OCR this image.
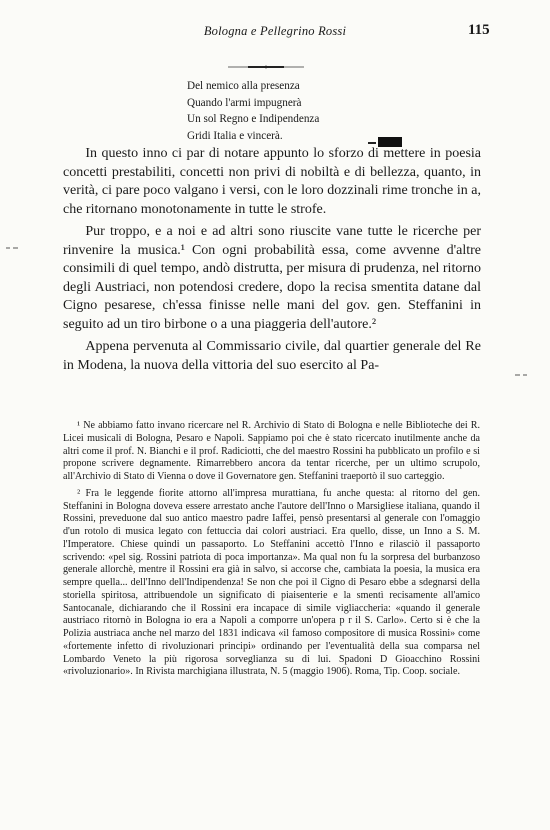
Bologna e Pellegrino Rossi	115
Del nemico alla presenza
Quando l'armi impugnerà
Un sol Regno e Indipendenza
Gridi Italia e vincerà.

In questo inno ci par di notare appunto lo sforzo di mettere in poesia concetti prestabiliti, concetti non privi di nobiltà e di bellezza, quanto, in verità, ci pare poco valgano i versi, con le loro dozzinali rime tronche in a, che ritornano monotonamente in tutte le strofe.

Pur troppo, e a noi e ad altri sono riuscite vane tutte le ricerche per rinvenire la musica.¹ Con ogni probabilità essa, come avvenne d'altre consimili di quel tempo, andò distrutta, per misura di prudenza, nel ritorno degli Austriaci, non potendosi credere, dopo la recisa smentita datane dal Cigno pesarese, ch'essa finisse nelle mani del gov. gen. Steffanini in seguito ad un tiro birbone o a una piaggeria dell'autore.²

Appena pervenuta al Commissario civile, dal quartier generale del Re in Modena, la nuova della vittoria del suo esercito al Pa-

¹ Ne abbiamo fatto invano ricercare nel R. Archivio di Stato di Bologna e nelle Biblioteche dei R. Licei musicali di Bologna, Pesaro e Napoli. Sappiamo poi che è stato ricercato inutilmente anche da altri come il prof. N. Bianchi e il prof. Radiciotti, che del maestro Rossini ha pubblicato un profilo e si propone scrivere degnamente. Rimarrebbero ancora da tentar ricerche, per un ultimo scrupolo, all'Archivio di Stato di Vienna o dove il Governatore gen. Steffanini traeportò il suo carteggio.

² Fra le leggende fiorite attorno all'impresa murattiana, fu anche questa: al ritorno del gen. Steffanini in Bologna doveva essere arrestato anche l'autore dell'Inno o Marsigliese italiana, quando il Rossini, preveduone dal suo antico maestro padre Iaffei, pensò presentarsi al generale con l'omaggio d'un rotolo di musica legato con fettuccia dai colori austriaci. Era quello, disse, un Inno a S. M. l'Imperatore. Chiese quindi un passaporto. Lo Steffanini accettò l'Inno e rilasciò il passaporto scrivendo: «pel sig. Rossini patriota di poca importanza». Ma qual non fu la sorpresa del burbanzoso generale allorchè, mentre il Rossini era già in salvo, si accorse che, cambiata la poesia, la musica era sempre quella... dell'Inno dell'Indipendenza! Se non che poi il Cigno di Pesaro ebbe a sdegnarsi della storiella spiritosa, attribuendole un significato di piaisenterie e la smentì recisamente all'amico Santocanale, dichiarando che il Rossini era incapace di simile vigliaccheria: «quando il generale austriaco ritornò in Bologna io era a Napoli a comporre un'opera p r il S. Carlo». Certo si è che la Polizia austriaca anche nel marzo del 1831 indicava «il famoso compositore di musica Rossini» come «fortemente infetto di rivoluzionari principi» ordinando per l'eventualità della sua comparsa nel Lombardo Veneto la più rigorosa sorveglianza su di lui. Spadoni D Gioacchino Rossini «rivoluzionario». In Rivista marchigiana illustrata, N. 5 (maggio 1906). Roma, Tip. Coop. sociale.
